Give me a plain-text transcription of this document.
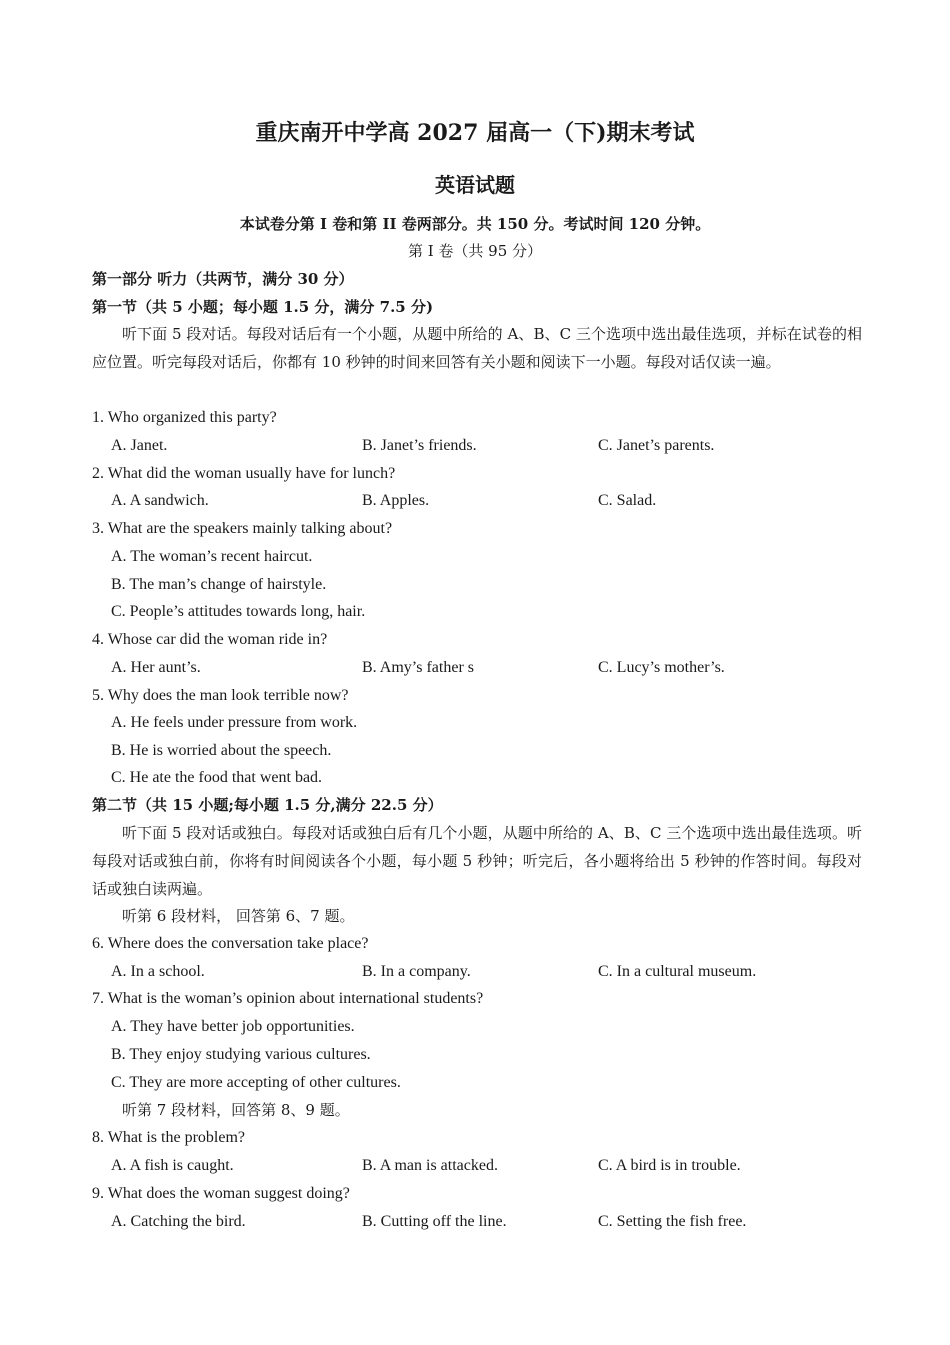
重庆南开中学高 2027 届高一（下)期末考试
英语试题
本试卷分第 I 卷和第 II 卷两部分。共 150 分。考试时间 120 分钟。
第 I 卷（共 95 分）
第一部分 听力（共两节，满分 30 分）
第一节（共 5 小题；每小题 1.5 分，满分 7.5 分)
听下面 5 段对话。每段对话后有一个小题，从题中所给的 A、B、C 三个选项中选出最佳选项，并标在试卷的相应位置。听完每段对话后，你都有 10 秒钟的时间来回答有关小题和阅读下一小题。每段对话仅读一遍。
1. Who organized this party?
A. Janet.	B. Janet’s friends.	C. Janet’s parents.
2. What did the woman usually have for lunch?
A. A sandwich.	B. Apples.	C. Salad.
3. What are the speakers mainly talking about?
A. The woman’s recent haircut.
B. The man’s change of hairstyle.
C. People’s attitudes towards long, hair.
4. Whose car did the woman ride in?
A. Her aunt’s.	B. Amy’s father s	C. Lucy’s mother’s.
5. Why does the man look terrible now?
A. He feels under pressure from work.
B. He is worried about the speech.
C. He ate the food that went bad.
第二节（共 15 小题;每小题 1.5 分,满分 22.5 分）
听下面 5 段对话或独白。每段对话或独白后有几个小题，从题中所给的 A、B、C 三个选项中选出最佳选项。听每段对话或独白前，你将有时间阅读各个小题，每小题 5 秒钟；听完后，各小题将给出 5 秒钟的作答时间。每段对话或独白读两遍。
听第 6 段材料， 回答第 6、7 题。
6. Where does the conversation take place?
A. In a school.	B. In a company.	C. In a cultural museum.
7. What is the woman’s opinion about international students?
A. They have better job opportunities.
B. They enjoy studying various cultures.
C. They are more accepting of other cultures.
听第 7 段材料，回答第 8、9 题。
8. What is the problem?
A. A fish is caught.	B. A man is attacked.	C. A bird is in trouble.
9. What does the woman suggest doing?
A. Catching the bird.	B. Cutting off the line.	C. Setting the fish free.
